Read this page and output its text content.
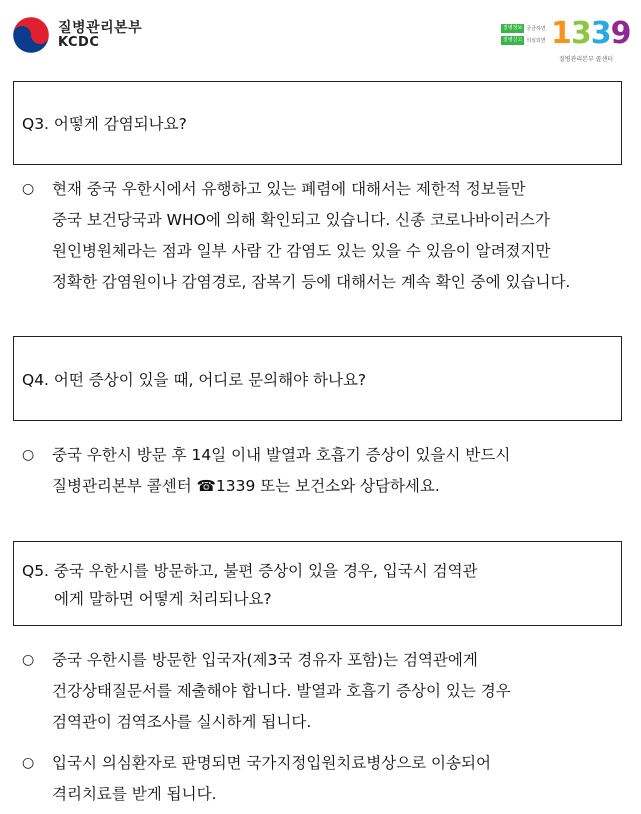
질병관리본부
KCDC
질병정보 궁금하면
질병신고 의심되면 1339
질병관리본부 콜센터
Q3. 어떻게 감염되나요?
○	현재 중국 우한시에서 유행하고 있는 폐렴에 대해서는 제한적 정보들만
중국 보건당국과 WHO에 의해 확인되고 있습니다. 신종 코로나바이러스가
원인병원체라는 점과 일부 사람 간 감염도 있는 있을 수 있음이 알려졌지만
정확한 감염원이나 감염경로, 잠복기 등에 대해서는 계속 확인 중에 있습니다.
Q4. 어떤 증상이 있을 때, 어디로 문의해야 하나요?
○	중국 우한시 방문 후 14일 이내 발열과 호흡기 증상이 있을시 반드시
질병관리본부 콜센터 ☎1339 또는 보건소와 상담하세요.
Q5. 중국 우한시를 방문하고, 불편 증상이 있을 경우, 입국시 검역관
에게 말하면 어떻게 처리되나요?
○	중국 우한시를 방문한 입국자(제3국 경유자 포함)는 검역관에게
건강상태질문서를 제출해야 합니다. 발열과 호흡기 증상이 있는 경우
검역관이 검역조사를 실시하게 됩니다.
○	입국시 의심환자로 판명되면 국가지정입원치료병상으로 이송되어
격리치료를 받게 됩니다.
